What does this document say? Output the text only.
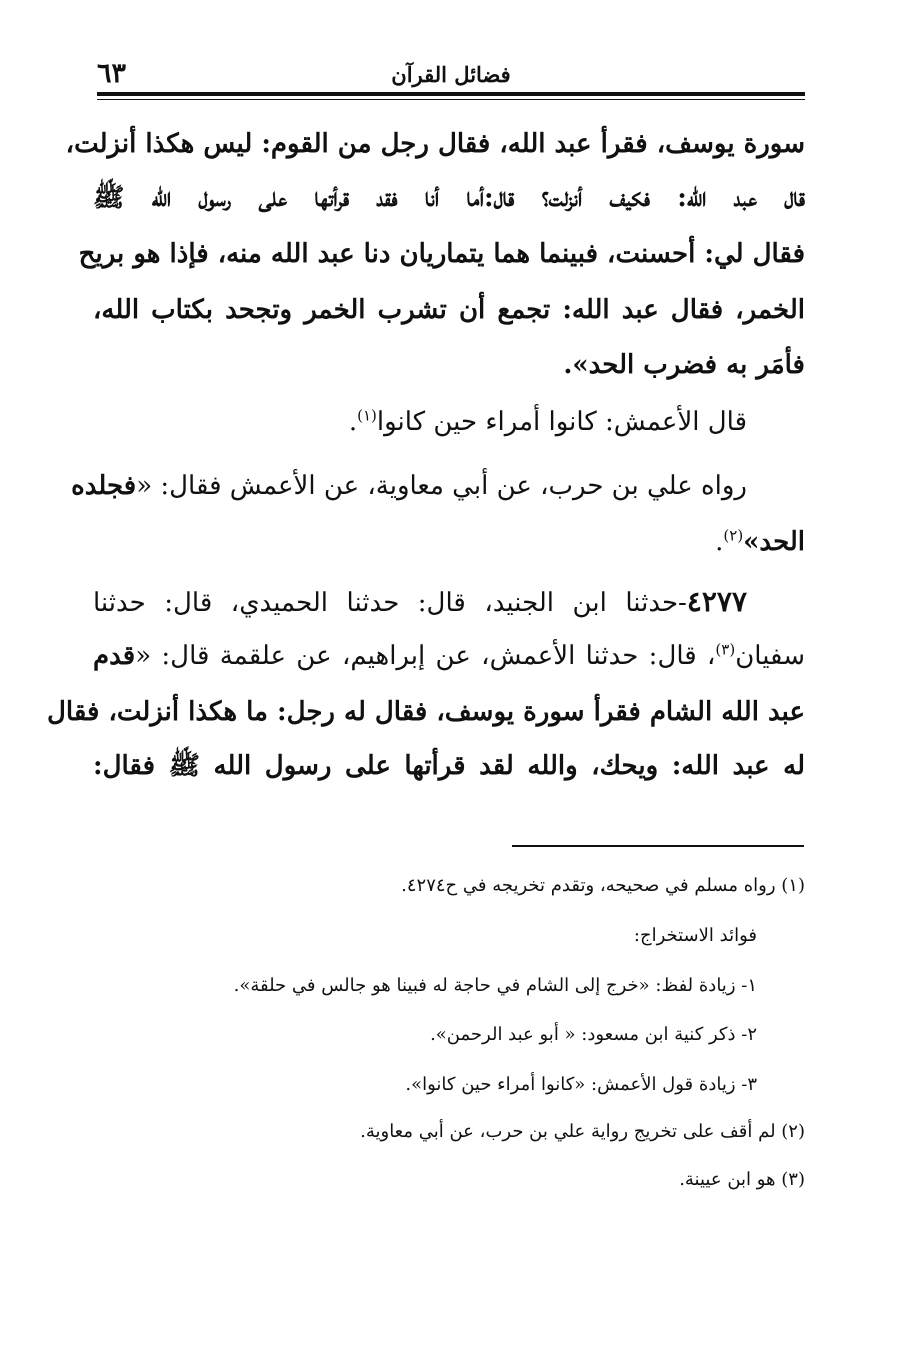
٦٣	فضائل القرآن
سورة يوسف، فقرأ عبد الله، فقال رجل من القوم: ليس هكذا أنزلت،
قال عبد الله: فكيف أنزلت؟ قال:أما أنا فقد قرأتها على رسول الله ﷺ
فقال لي: أحسنت، فبينما هما يتماريان دنا عبد الله منه، فإذا هو بريح
الخمر، فقال عبد الله: تجمع أن تشرب الخمر وتجحد بكتاب الله،
فأمَر به فضرب الحد».
قال الأعمش: كانوا أمراء حين كانوا$^{(١)}$.
رواه علي بن حرب، عن أبي معاوية، عن الأعمش فقال: «فجلده
الحد»$^{(٢)}$.
٤٢٧٧-حدثنا ابن الجنيد، قال: حدثنا الحميدي، قال: حدثنا
سفيان$^{(٣)}$، قال: حدثنا الأعمش، عن إبراهيم، عن علقمة قال: «قدم
عبد الله الشام فقرأ سورة يوسف، فقال له رجل: ما هكذا أنزلت، فقال
له عبد الله: ويحك، والله لقد قرأتها على رسول الله ﷺ فقال:
(١) رواه مسلم في صحيحه، وتقدم تخريجه في ح٤٢٧٤.
فوائد الاستخراج:
١- زيادة لفظ: «خرج إلى الشام في حاجة له فبينا هو جالس في حلقة».
٢- ذكر كنية ابن مسعود: « أبو عبد الرحمن».
٣- زيادة قول الأعمش: «كانوا أمراء حين كانوا».
(٢) لم أقف على تخريج رواية علي بن حرب، عن أبي معاوية.
(٣) هو ابن عيينة.
